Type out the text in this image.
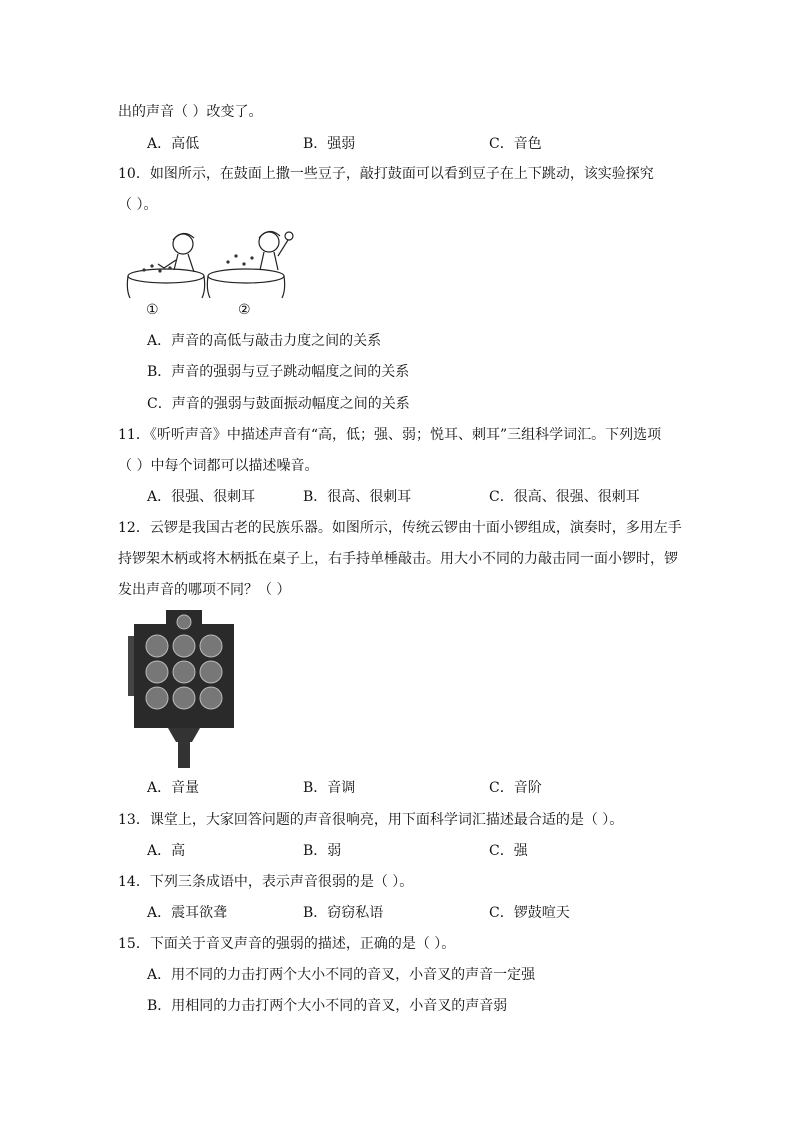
出的声音（ ）改变了。
A．高低	B．强弱	C．音色
10．如图所示，在鼓面上撒一些豆子，敲打鼓面可以看到豆子在上下跳动，该实验探究
（ ）。
①	②
A．声音的高低与敲击力度之间的关系
B．声音的强弱与豆子跳动幅度之间的关系
C．声音的强弱与鼓面振动幅度之间的关系
11．《听听声音》中描述声音有“高，低；强、弱；悦耳、刺耳”三组科学词汇。下列选项
（ ）中每个词都可以描述噪音。
A．很强、很刺耳	B．很高、很刺耳	C．很高、很强、很刺耳
12．云锣是我国古老的民族乐器。如图所示，传统云锣由十面小锣组成，演奏时，多用左手
持锣架木柄或将木柄抵在桌子上，右手持单棰敲击。用大小不同的力敲击同一面小锣时，锣
发出声音的哪项不同？（ ）
A．音量	B．音调	C．音阶
13．课堂上，大家回答问题的声音很响亮，用下面科学词汇描述最合适的是（ ）。
A．高	B．弱	C．强
14．下列三条成语中，表示声音很弱的是（ ）。
A．震耳欲聋	B．窃窃私语	C．锣鼓喧天
15．下面关于音叉声音的强弱的描述，正确的是（ ）。
A．用不同的力击打两个大小不同的音叉，小音叉的声音一定强
B．用相同的力击打两个大小不同的音叉，小音叉的声音弱
